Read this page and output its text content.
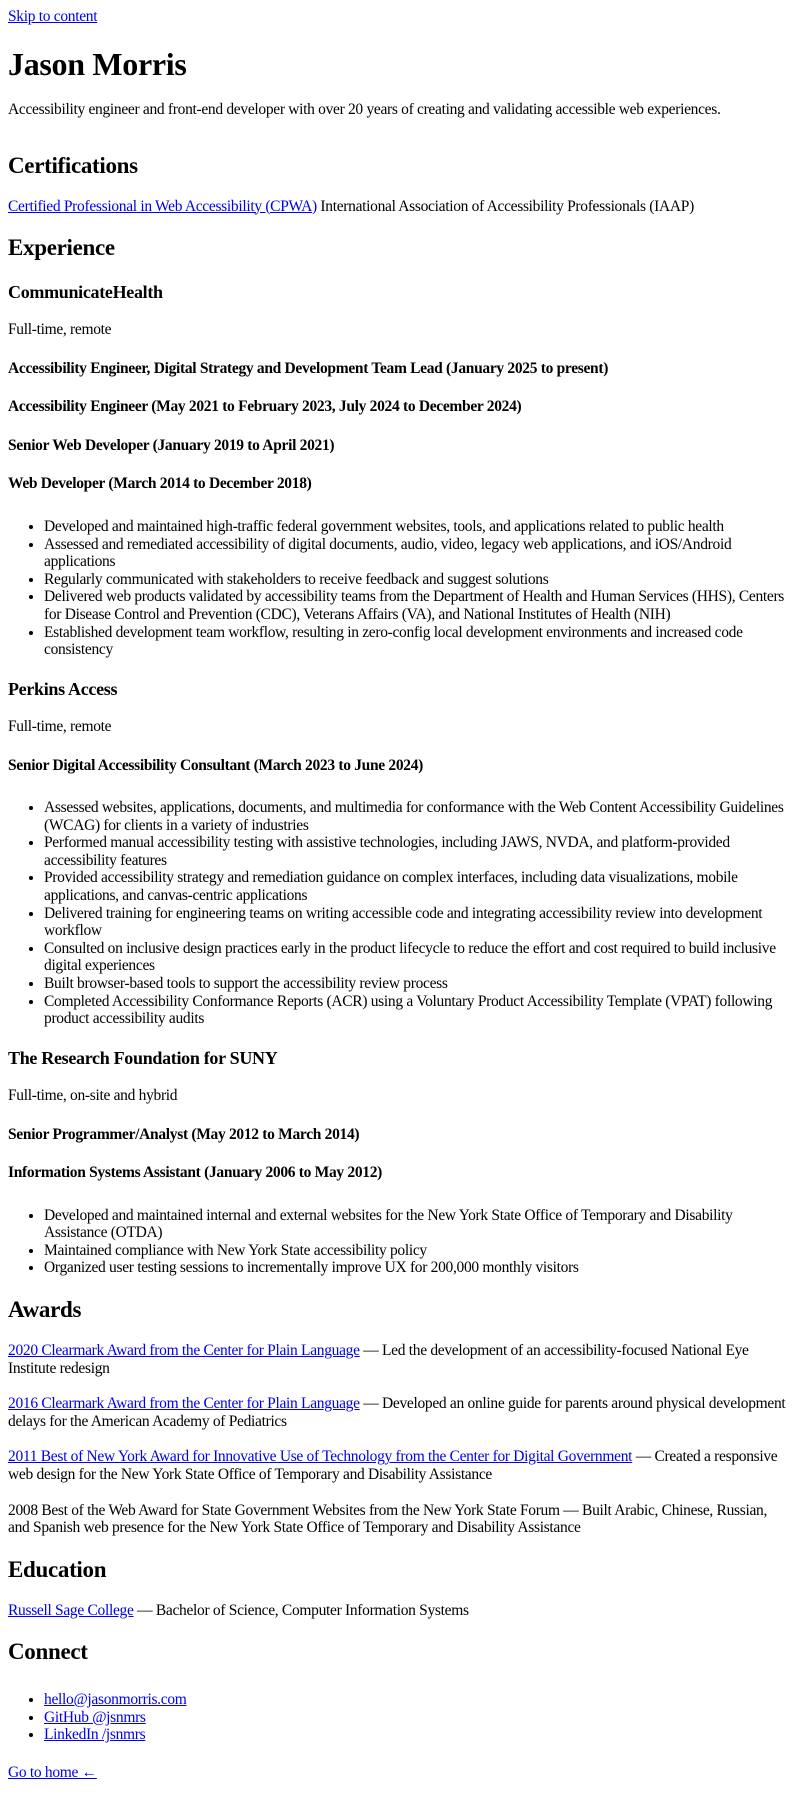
Skip to content

Jason Morris

Accessibility engineer and front-end developer with over 20 years of creating and validating accessible web experiences.

Certifications

Certified Professional in Web Accessibility (CPWA) International Association of Accessibility Professionals (IAAP)

Experience
CommunicateHealth

Full-time, remote

Accessibility Engineer, Digital Strategy and Development Team Lead (January 2025 to present)
Accessibility Engineer (May 2021 to February 2023, July 2024 to December 2024)
Senior Web Developer (January 2019 to April 2021)
Web Developer (March 2014 to December 2018)
• Developed and maintained high-traffic federal government websites, tools, and applications related to public health
• Assessed and remediated accessibility of digital documents, audio, video, legacy web applications, and iOS/Android applications
• Regularly communicated with stakeholders to receive feedback and suggest solutions
• Delivered web products validated by accessibility teams from the Department of Health and Human Services (HHS), Centers for Disease Control and Prevention (CDC), Veterans Affairs (VA), and National Institutes of Health (NIH)
• Established development team workflow, resulting in zero-config local development environments and increased code consistency
Perkins Access

Full-time, remote

Senior Digital Accessibility Consultant (March 2023 to June 2024)
• Assessed websites, applications, documents, and multimedia for conformance with the Web Content Accessibility Guidelines (WCAG) for clients in a variety of industries
• Performed manual accessibility testing with assistive technologies, including JAWS, NVDA, and platform-provided accessibility features
• Provided accessibility strategy and remediation guidance on complex interfaces, including data visualizations, mobile applications, and canvas-centric applications
• Delivered training for engineering teams on writing accessible code and integrating accessibility review into development workflow
• Consulted on inclusive design practices early in the product lifecycle to reduce the effort and cost required to build inclusive digital experiences
• Built browser-based tools to support the accessibility review process
• Completed Accessibility Conformance Reports (ACR) using a Voluntary Product Accessibility Template (VPAT) following product accessibility audits
The Research Foundation for SUNY

Full-time, on-site and hybrid

Senior Programmer/Analyst (May 2012 to March 2014)
Information Systems Assistant (January 2006 to May 2012)
• Developed and maintained internal and external websites for the New York State Office of Temporary and Disability Assistance (OTDA)
• Maintained compliance with New York State accessibility policy
• Organized user testing sessions to incrementally improve UX for 200,000 monthly visitors
Awards

2020 Clearmark Award from the Center for Plain Language — Led the development of an accessibility-focused National Eye Institute redesign

2016 Clearmark Award from the Center for Plain Language — Developed an online guide for parents around physical development delays for the American Academy of Pediatrics

2011 Best of New York Award for Innovative Use of Technology from the Center for Digital Government — Created a responsive web design for the New York State Office of Temporary and Disability Assistance

2008 Best of the Web Award for State Government Websites from the New York State Forum — Built Arabic, Chinese, Russian, and Spanish web presence for the New York State Office of Temporary and Disability Assistance

Education

Russell Sage College — Bachelor of Science, Computer Information Systems

Connect
• hello@jasonmorris.com
• GitHub @jsnmrs
• LinkedIn /jsnmrs

Go to home ←
